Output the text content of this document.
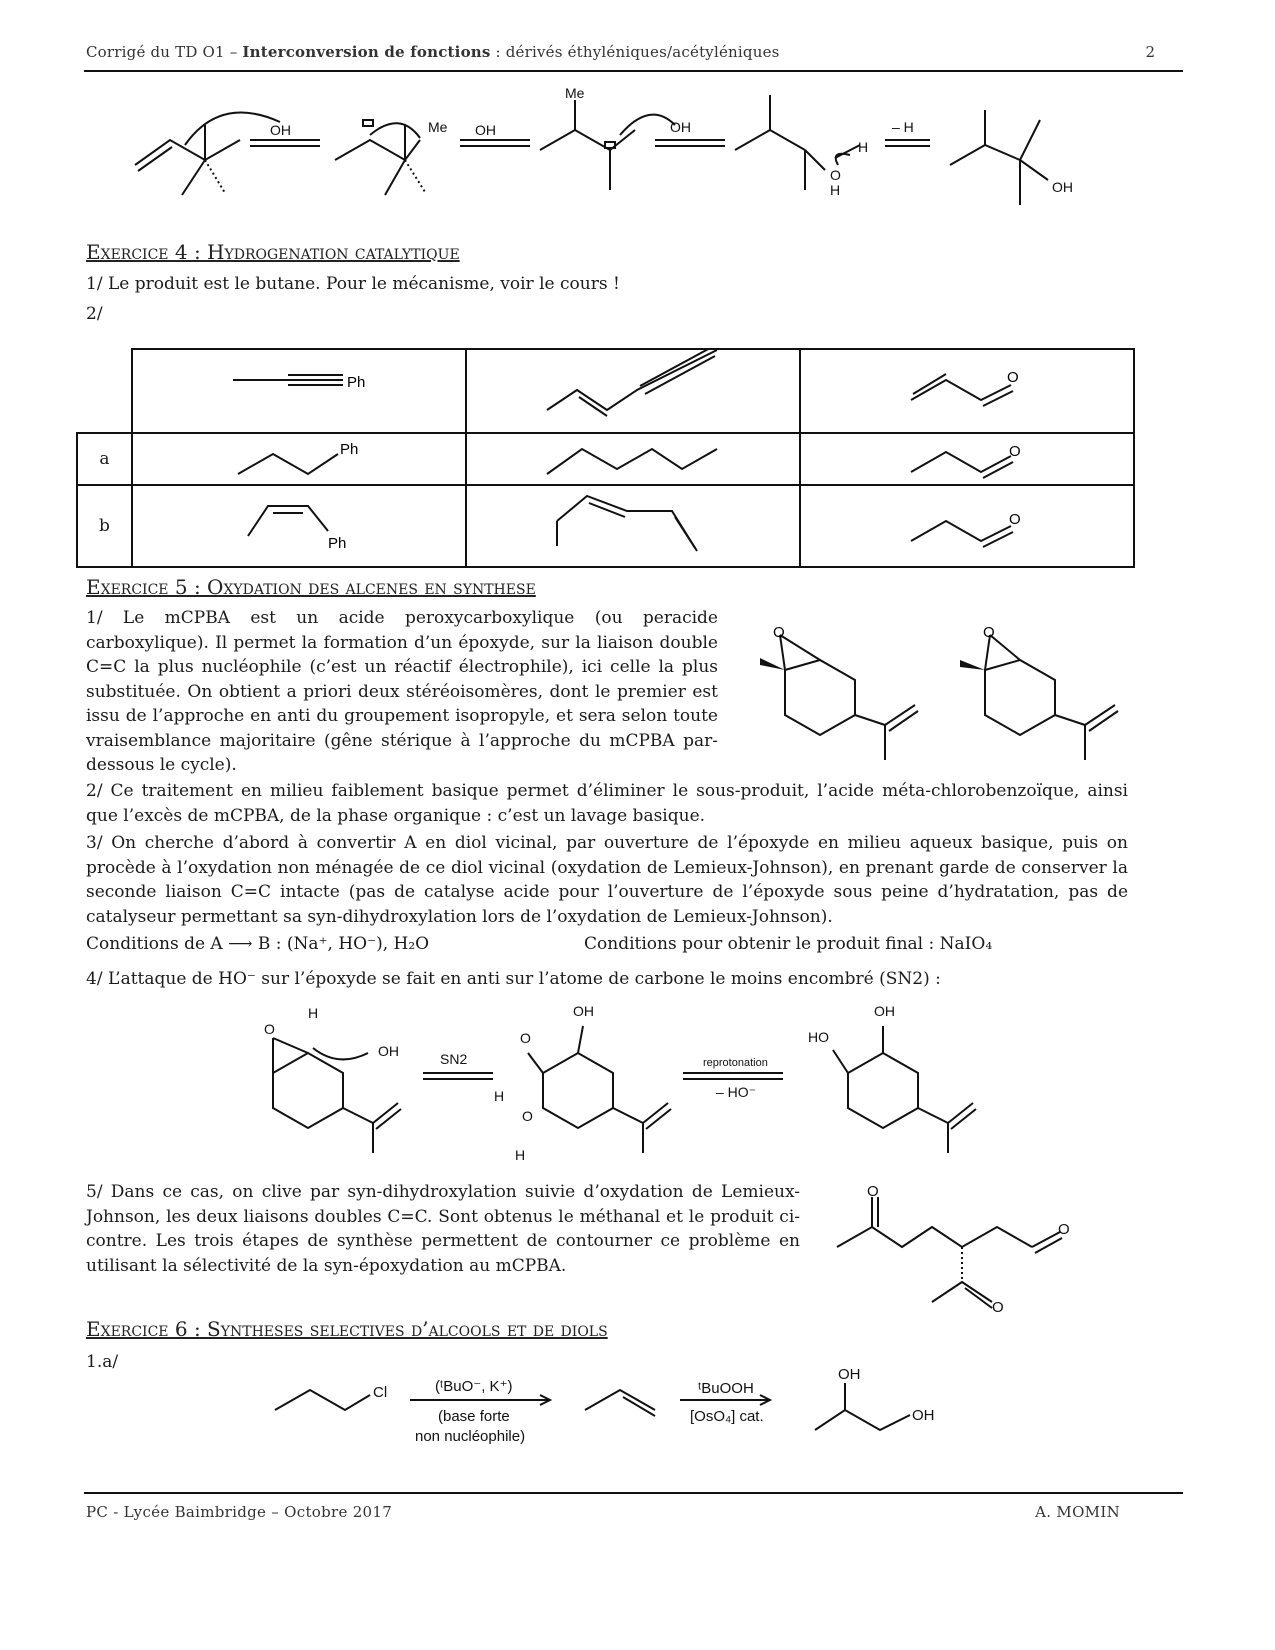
Corrigé du TD O1 – Interconversion de fonctions : dérivés éthyléniques/acétyléniques	2
OH	Me OH
Me
OH
H
O
H
– H
OH
Exercice 4 : Hydrogenation catalytique
1/ Le produit est le butane. Pour le mécanisme, voir le cours !
2/

Ph		O

a	Ph		O

b	Ph		O
Exercice 5 : Oxydation des alcenes en synthese
1/ Le mCPBA est un acide peroxycarboxylique (ou peracide carboxylique). Il permet la formation d’un époxyde, sur la liaison double C=C la plus nucléophile (c’est un réactif électrophile), ici celle la plus substituée. On obtient a priori deux stéréoisomères, dont le premier est issu de l’approche en anti du groupement isopropyle, et sera selon toute vraisemblance majoritaire (gêne stérique à l’approche du mCPBA par-dessous le cycle).
O	O
2/ Ce traitement en milieu faiblement basique permet d’éliminer le sous-produit, l’acide méta-chlorobenzoïque, ainsi que l’excès de mCPBA, de la phase organique : c’est un lavage basique.
3/ On cherche d’abord à convertir A en diol vicinal, par ouverture de l’époxyde en milieu aqueux basique, puis on procède à l’oxydation non ménagée de ce diol vicinal (oxydation de Lemieux-Johnson), en prenant garde de conserver la seconde liaison C=C intacte (pas de catalyse acide pour l’ouverture de l’époxyde sous peine d’hydratation, pas de catalyseur permettant sa syn-dihydroxylation lors de l’oxydation de Lemieux-Johnson).
Conditions de A ⟶ B : (Na⁺, HO⁻), H₂O	Conditions pour obtenir le produit final : NaIO₄
4/ L’attaque de HO⁻ sur l’époxyde se fait en anti sur l’atome de carbone le moins encombré (SN2) :
O
H
OH	SN2
OH
O
H
O
H
reprotonation
– HO⁻
HO
OH
5/ Dans ce cas, on clive par syn-dihydroxylation suivie d’oxydation de Lemieux-Johnson, les deux liaisons doubles C=C. Sont obtenus le méthanal et le produit ci-contre. Les trois étapes de synthèse permettent de contourner ce problème en utilisant la sélectivité de la syn-époxydation au mCPBA.
O
O
O
Exercice 6 : Syntheses selectives d’alcools et de diols
1.a/
Cl	(ᵗBuO⁻, K⁺)
(base forte
non nucléophile)
ᵗBuOOH
[OsO₄] cat.
OH
OH
PC - Lycée Baimbridge – Octobre 2017	A. MOMIN
